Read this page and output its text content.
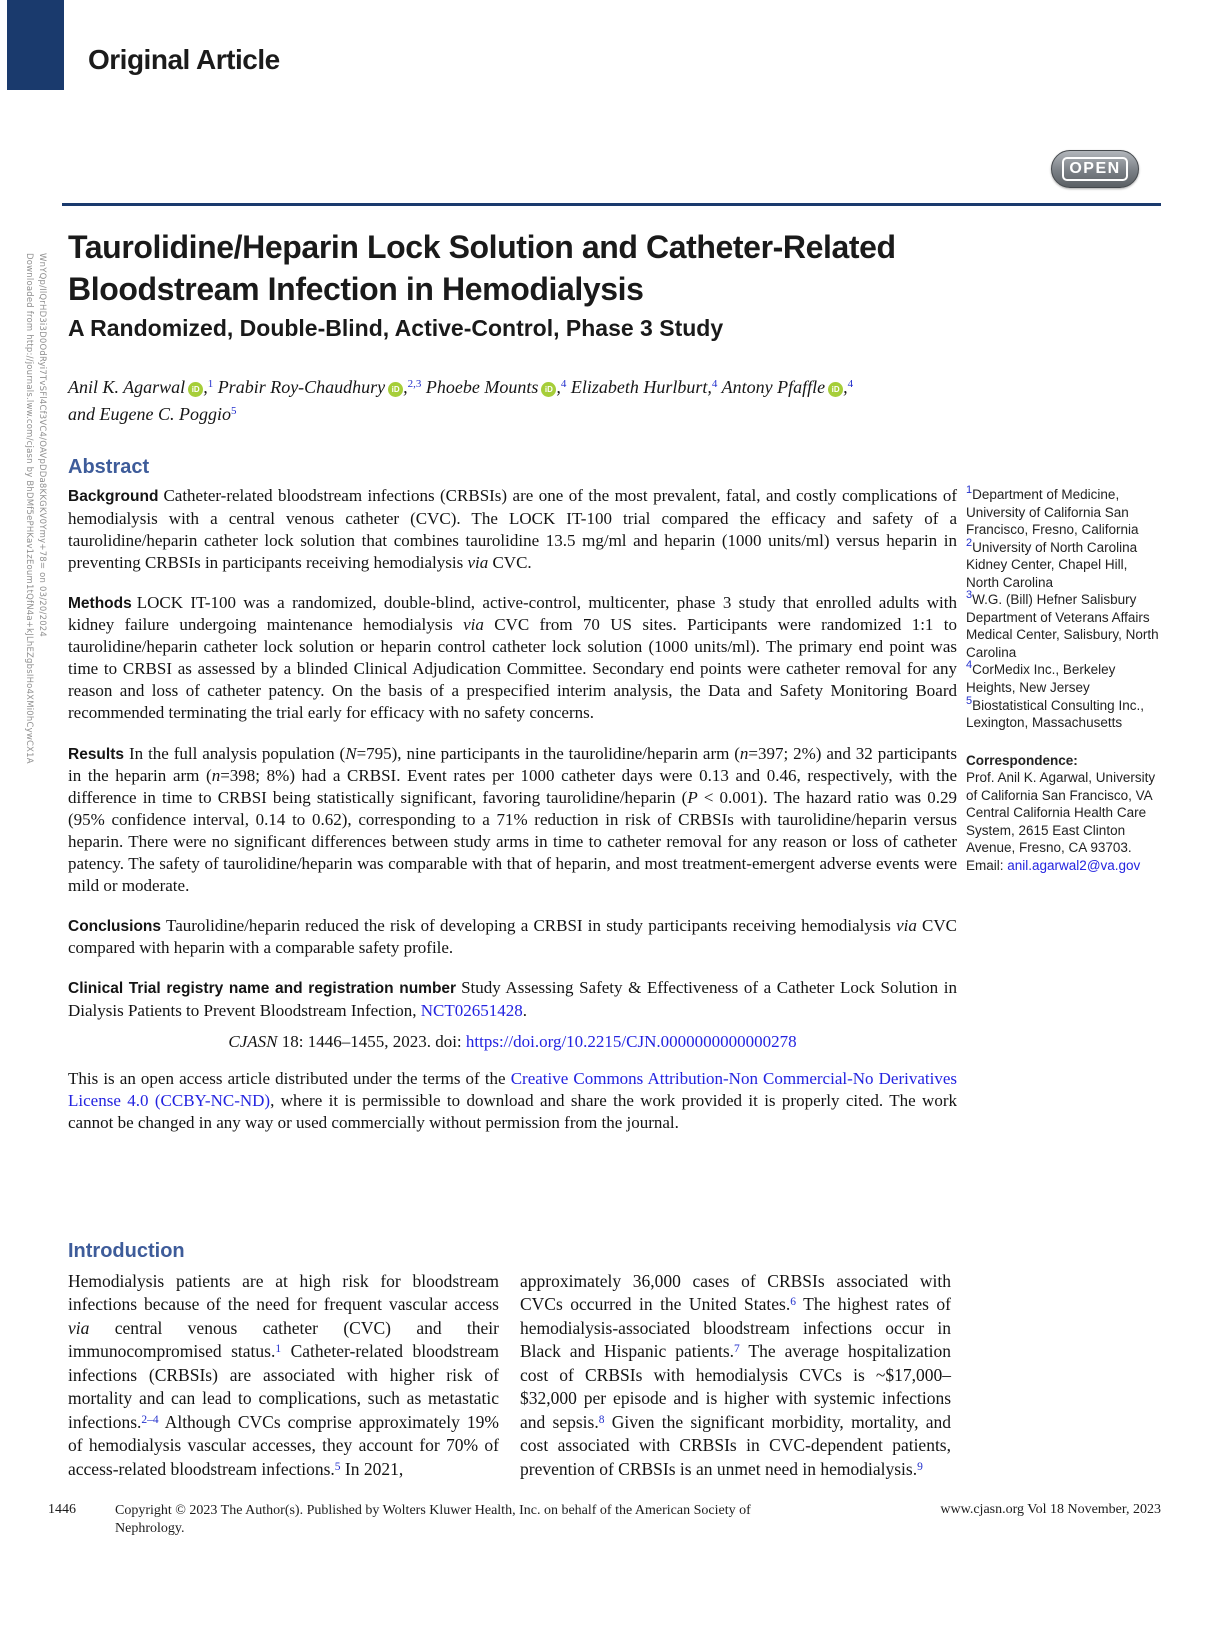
Original Article
OPEN
Downloaded from http://journals.lww.com/cjasn by BhDMf5ePHKav1zEoum1tQfN4a+kJLhEZgbsIHo4XMi0hCywCX1A WnYQp/IlQrHD3i3D0OdRyi7TvSFl4Cf3VC4/OAVpDDa8KKGKV0Ymy+78= on 03/20/2024
Taurolidine/Heparin Lock Solution and Catheter-Related Bloodstream Infection in Hemodialysis
A Randomized, Double-Blind, Active-Control, Phase 3 Study
Anil K. Agarwal iD ,$^1$ Prabir Roy-Chaudhury iD ,$^{2,3}$ Phoebe Mounts iD ,$^4$ Elizabeth Hurlburt,$^4$ Antony Pfaffle iD ,$^4$
and Eugene C. Poggio$^5$
Abstract

Background Catheter-related bloodstream infections (CRBSIs) are one of the most prevalent, fatal, and costly complications of hemodialysis with a central venous catheter (CVC). The LOCK IT-100 trial compared the efficacy and safety of a taurolidine/heparin catheter lock solution that combines taurolidine 13.5 mg/ml and heparin (1000 units/ml) versus heparin in preventing CRBSIs in participants receiving hemodialysis via CVC.

Methods LOCK IT-100 was a randomized, double-blind, active-control, multicenter, phase 3 study that enrolled adults with kidney failure undergoing maintenance hemodialysis via CVC from 70 US sites. Participants were randomized 1:1 to taurolidine/heparin catheter lock solution or heparin control catheter lock solution (1000 units/ml). The primary end point was time to CRBSI as assessed by a blinded Clinical Adjudication Committee. Secondary end points were catheter removal for any reason and loss of catheter patency. On the basis of a prespecified interim analysis, the Data and Safety Monitoring Board recommended terminating the trial early for efficacy with no safety concerns.

Results In the full analysis population (N=795), nine participants in the taurolidine/heparin arm (n=397; 2%) and 32 participants in the heparin arm (n=398; 8%) had a CRBSI. Event rates per 1000 catheter days were 0.13 and 0.46, respectively, with the difference in time to CRBSI being statistically significant, favoring taurolidine/heparin (P < 0.001). The hazard ratio was 0.29 (95% confidence interval, 0.14 to 0.62), corresponding to a 71% reduction in risk of CRBSIs with taurolidine/heparin versus heparin. There were no significant differences between study arms in time to catheter removal for any reason or loss of catheter patency. The safety of taurolidine/heparin was comparable with that of heparin, and most treatment-emergent adverse events were mild or moderate.

Conclusions Taurolidine/heparin reduced the risk of developing a CRBSI in study participants receiving hemodialysis via CVC compared with heparin with a comparable safety profile.

Clinical Trial registry name and registration number Study Assessing Safety & Effectiveness of a Catheter Lock Solution in Dialysis Patients to Prevent Bloodstream Infection, NCT02651428.

CJASN 18: 1446–1455, 2023. doi: https://doi.org/10.2215/CJN.0000000000000278

This is an open access article distributed under the terms of the Creative Commons Attribution-Non Commercial-No Derivatives License 4.0 (CCBY-NC-ND), where it is permissible to download and share the work provided it is properly cited. The work cannot be changed in any way or used commercially without permission from the journal.

$^1$Department of Medicine, University of California San Francisco, Fresno, California
$^2$University of North Carolina Kidney Center, Chapel Hill, North Carolina
$^3$W.G. (Bill) Hefner Salisbury Department of Veterans Affairs Medical Center, Salisbury, North Carolina
$^4$CorMedix Inc., Berkeley Heights, New Jersey
$^5$Biostatistical Consulting Inc., Lexington, Massachusetts
Correspondence:
Prof. Anil K. Agarwal, University of California San Francisco, VA Central California Health Care System, 2615 East Clinton Avenue, Fresno, CA 93703. Email: anil.agarwal2@va.gov
Introduction
Hemodialysis patients are at high risk for bloodstream infections because of the need for frequent vascular access via central venous catheter (CVC) and their immunocompromised status.$^1$ Catheter-related bloodstream infections (CRBSIs) are associated with higher risk of mortality and can lead to complications, such as metastatic infections.$^{2-4}$ Although CVCs comprise approximately 19% of hemodialysis vascular accesses, they account for 70% of access-related bloodstream infections.$^5$ In 2021,
approximately 36,000 cases of CRBSIs associated with CVCs occurred in the United States.$^6$ The highest rates of hemodialysis-associated bloodstream infections occur in Black and Hispanic patients.$^7$ The average hospitalization cost of CRBSIs with hemodialysis CVCs is ~$17,000–$32,000 per episode and is higher with systemic infections and sepsis.$^8$ Given the significant morbidity, mortality, and cost associated with CRBSIs in CVC-dependent patients, prevention of CRBSIs is an unmet need in hemodialysis.$^9$
1446	Copyright © 2023 The Author(s). Published by Wolters Kluwer Health, Inc. on behalf of the American Society of Nephrology.
www.cjasn.org Vol 18 November, 2023
